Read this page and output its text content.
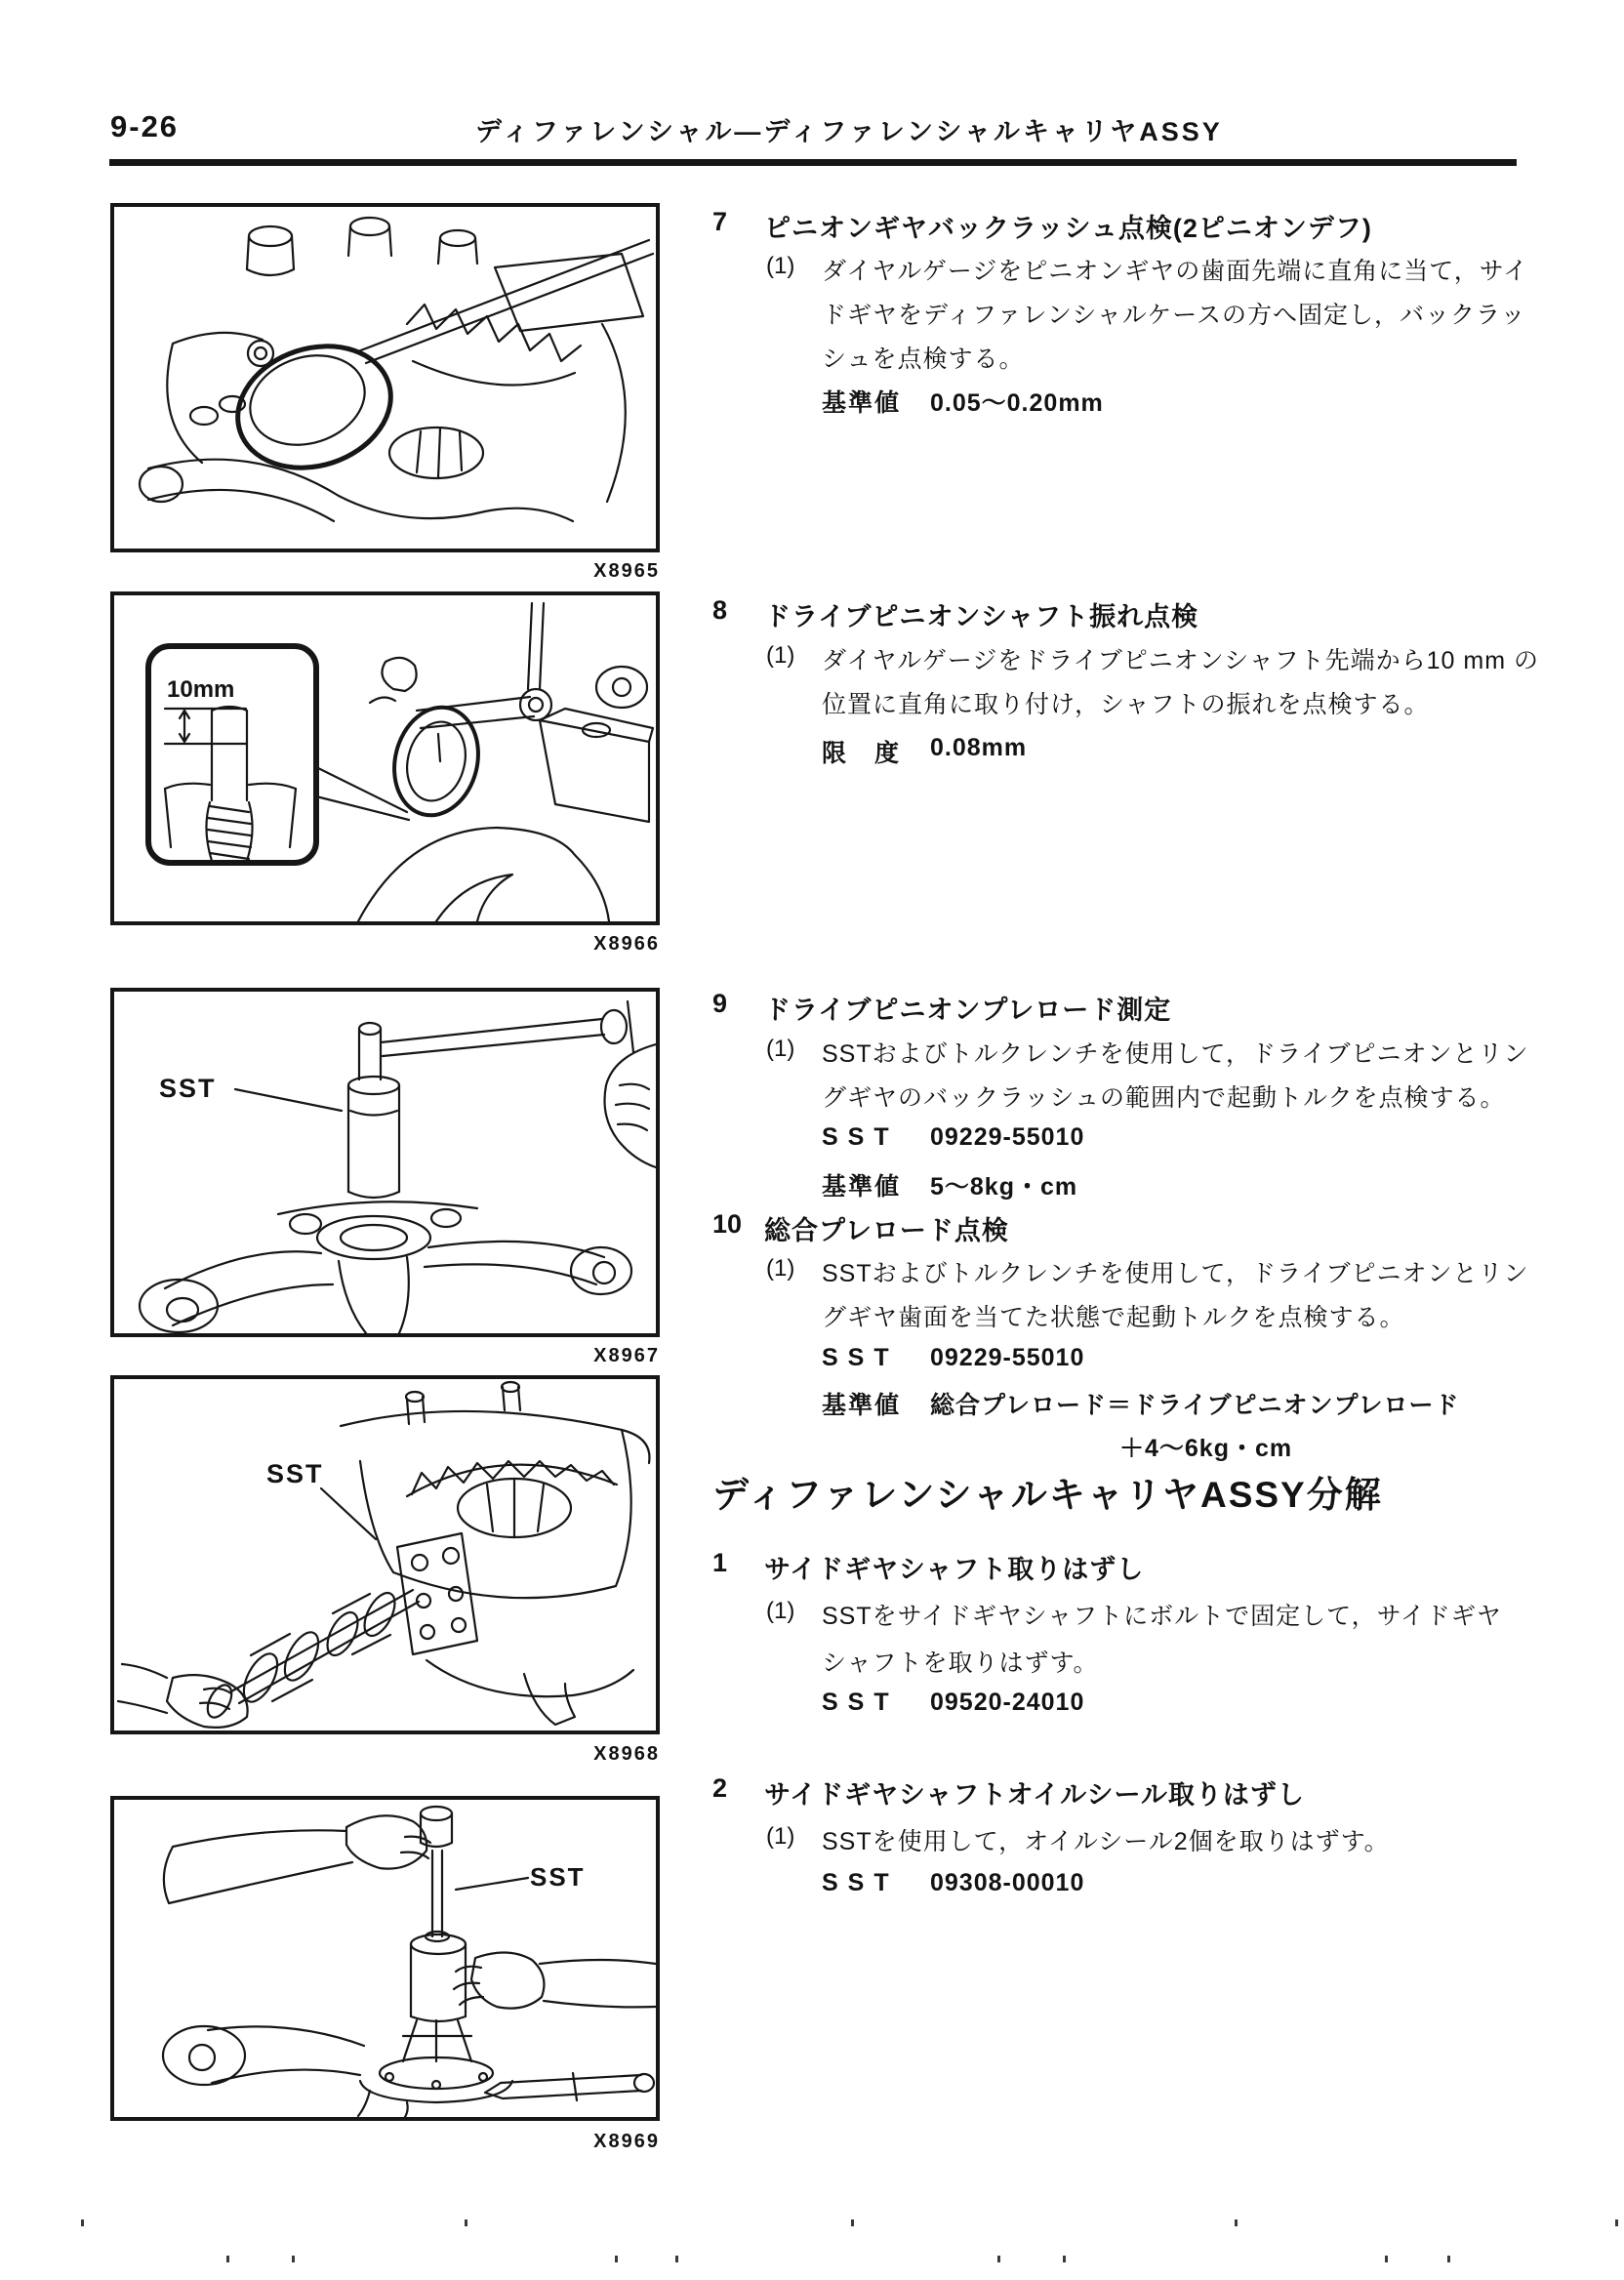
9-26	ディファレンシャル―ディファレンシャルキャリヤASSY
X8965
10mm
X8966
SST
X8967
SST
X8968
SST
X8969
7 ピニオンギヤバックラッシュ点検(2ピニオンデフ)
(1) ダイヤルゲージをピニオンギヤの歯面先端に直角に当て，サイ
ドギヤをディファレンシャルケースの方へ固定し，バックラッ
シュを点検する。
基準値 0.05～0.20mm
8 ドライブピニオンシャフト振れ点検
(1) ダイヤルゲージをドライブピニオンシャフト先端から10 mm の
位置に直角に取り付け，シャフトの振れを点検する。
限　度 0.08mm
9 ドライブピニオンプレロード測定
(1) SSTおよびトルクレンチを使用して，ドライブピニオンとリン
グギヤのバックラッシュの範囲内で起動トルクを点検する。
SST 09229-55010
基準値 5～8kg・cm
10 総合プレロード点検
(1) SSTおよびトルクレンチを使用して，ドライブピニオンとリン
グギヤ歯面を当てた状態で起動トルクを点検する。
SST 09229-55010
基準値 総合プレロード＝ドライブピニオンプレロード
＋4～6kg・cm
ディファレンシャルキャリヤASSY分解
1 サイドギヤシャフト取りはずし
(1) SSTをサイドギヤシャフトにボルトで固定して，サイドギヤ
シャフトを取りはずす。
SST 09520-24010
2 サイドギヤシャフトオイルシール取りはずし
(1) SSTを使用して，オイルシール2個を取りはずす。
SST 09308-00010
